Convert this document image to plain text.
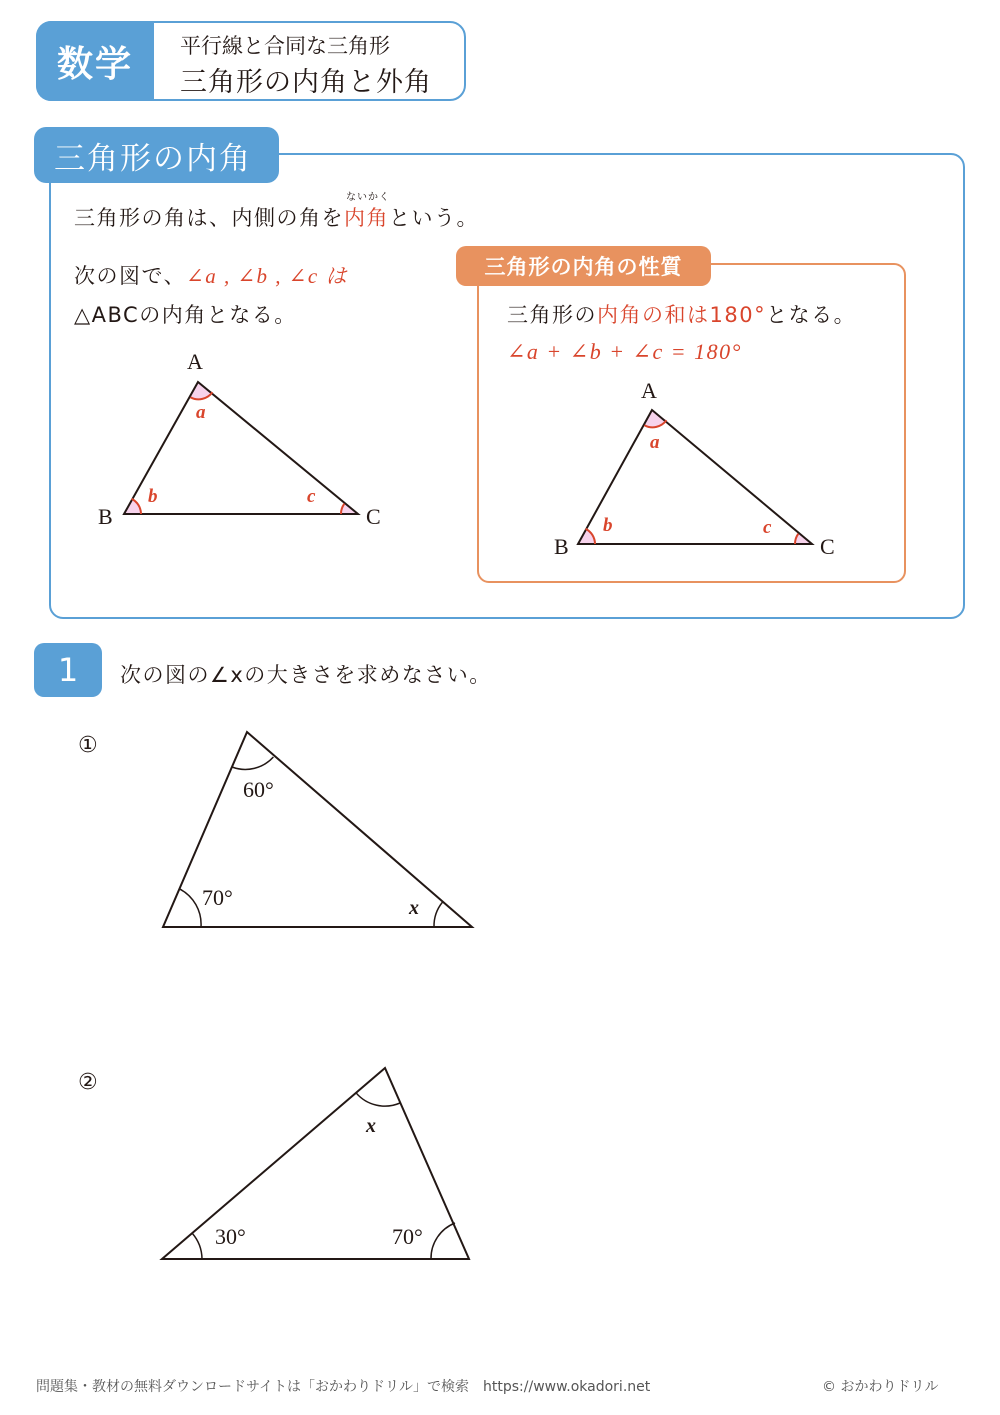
数学	平行線と合同な三角形
三角形の内角と外角
三角形の内角
三角形の角は、内側の角を
ないかく
内角という。
次の図で、∠a , ∠b , ∠c は
△ABCの内角となる。
A
B	C
a
b	c
三角形の内角の性質
三角形の内角の和は180°となる。
∠a + ∠b + ∠c = 180°
A
B	C
a
b	c
1	次の図の∠xの大きさを求めなさい。
①
60°
70°	x
②
x
30°	70°
問題集・教材の無料ダウンロードサイトは「おかわりドリル」で検索　https://www.okadori.net	© おかわりドリル
